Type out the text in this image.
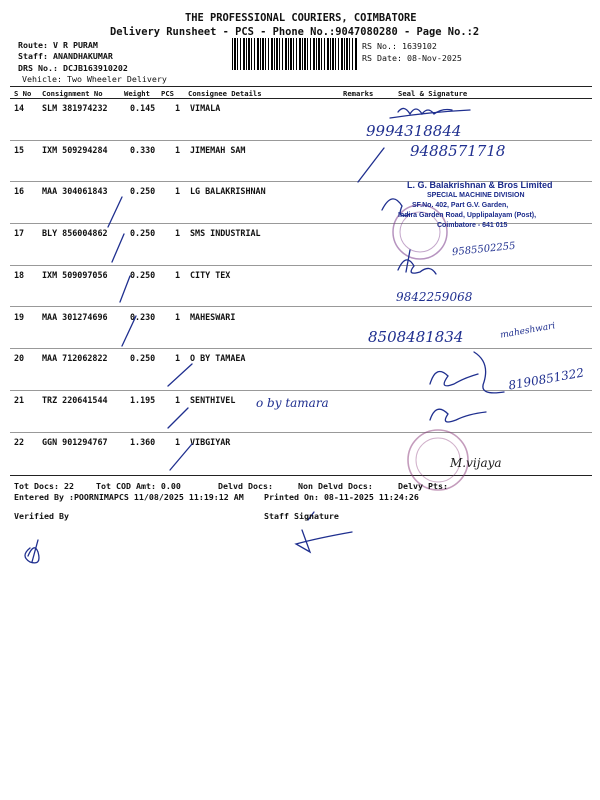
THE PROFESSIONAL COURIERS, COIMBATORE
Delivery Runsheet - PCS - Phone No.:9047080280 - Page No.:2
Route: V R PURAM
Staff: ANANDHAKUMAR
DRS No.: DCJB163910202
Vehicle: Two Wheeler Delivery
RS No.: 1639102
RS Date: 08-Nov-2025
S No Consignment No	Weight PCS Consignee Details	Remarks	Seal & Signature
14 SLM 381974232	0.145 1 VIMALA
15 IXM 509294284	0.330 1 JIMEMAH SAM
16 MAA 304061843	0.250 1 LG BALAKRISHNAN
17 BLY 856004862	0.250 1 SMS INDUSTRIAL
18 IXM 509097056	0.250 1 CITY TEX
19 MAA 301274696	0.230 1 MAHESWARI
20 MAA 712062822	0.250 1 O BY TAMAEA
21 TRZ 220641544	1.195 1 SENTHIVEL
22 GGN 901294767	1.360 1 VIBGIYAR
L. G. Balakrishnan & Bros Limited
SPECIAL MACHINE DIVISION
SF.No. 402, Part G.V. Garden,
Indira Garden Road, Upplipalayam (Post),
Coimbatore - 641 015
9994318844
9488571718
9585502255
9842259068
8508481834	maheshwari
8190851322
o by tamara
M.vijaya
Tot Docs: 22	Tot COD Amt: 0.00	Delvd Docs:	Non Delvd Docs:	Delvy Pts:
Entered By :POORNIMAPCS 11/08/2025 11:19:12 AM Printed On: 08-11-2025 11:24:26
Verified By	Staff Signature
